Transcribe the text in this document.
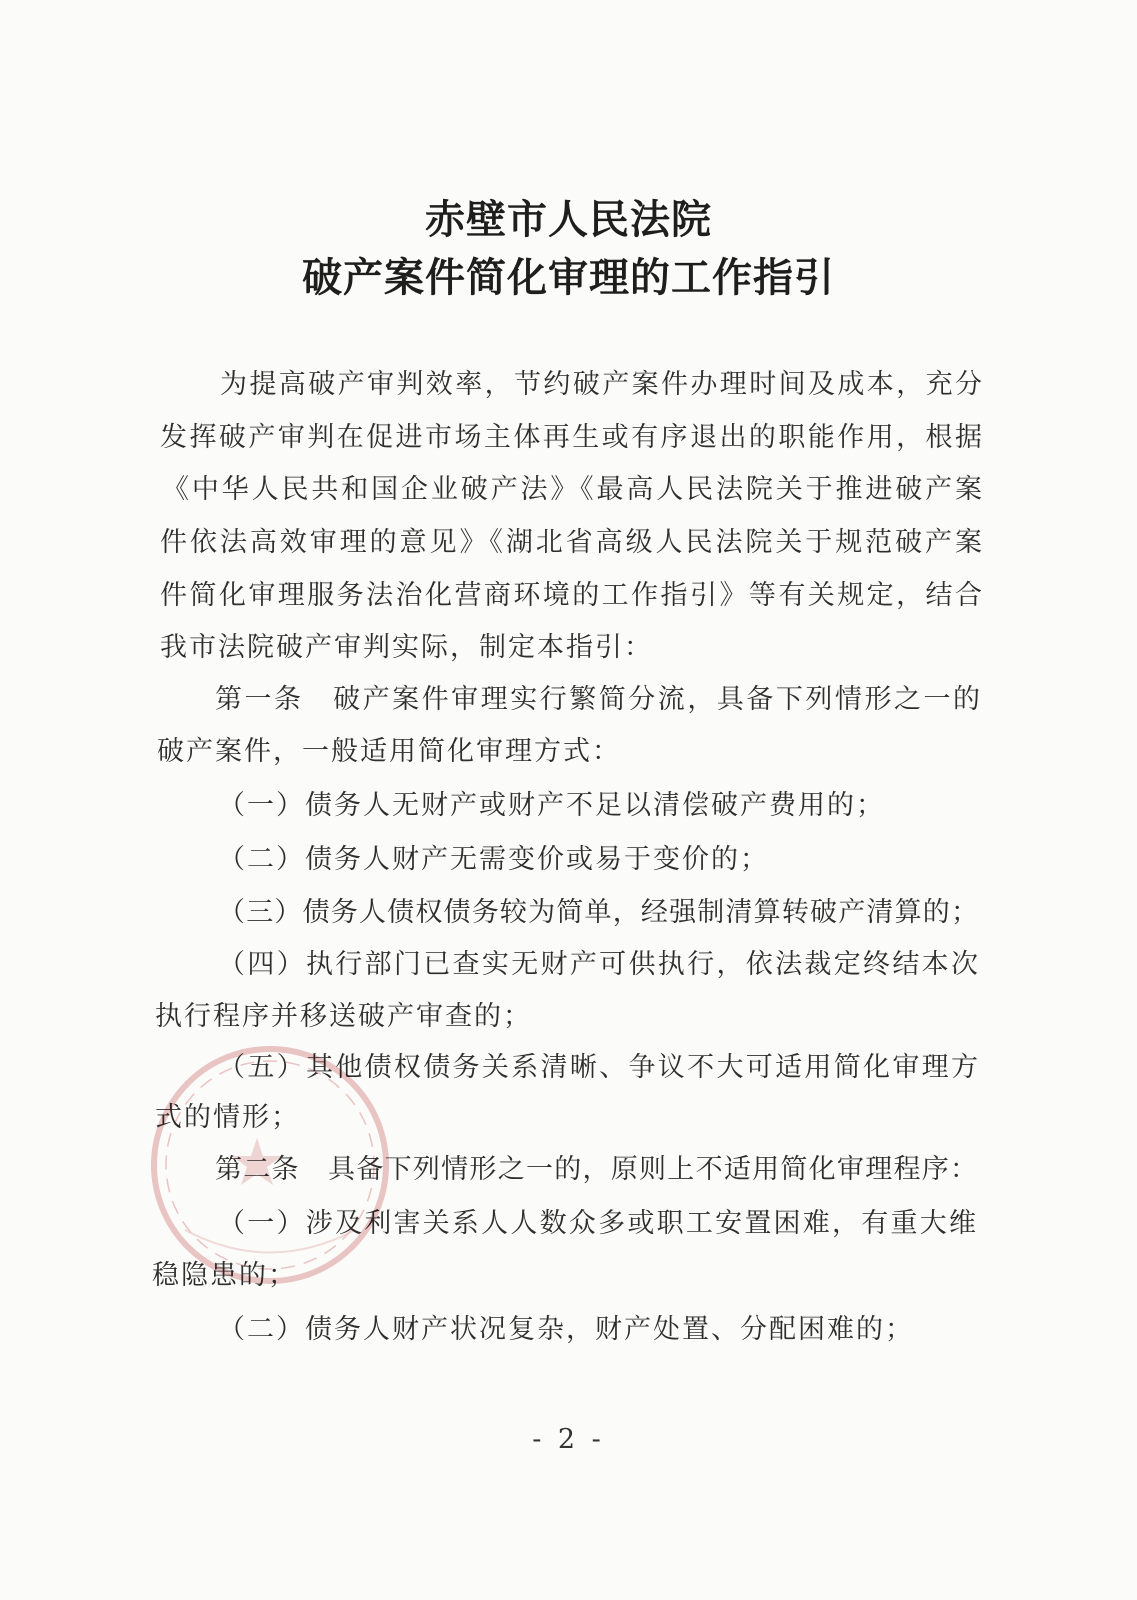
赤壁市人民法院
破产案件简化审理的工作指引
为提高破产审判效率，节约破产案件办理时间及成本，充分
发挥破产审判在促进市场主体再生或有序退出的职能作用，根据
《中华人民共和国企业破产法》《最高人民法院关于推进破产案
件依法高效审理的意见》《湖北省高级人民法院关于规范破产案
件简化审理服务法治化营商环境的工作指引》等有关规定，结合
我市法院破产审判实际，制定本指引：
第一条　破产案件审理实行繁简分流，具备下列情形之一的
破产案件，一般适用简化审理方式：
（一）债务人无财产或财产不足以清偿破产费用的；
（二）债务人财产无需变价或易于变价的；
（三）债务人债权债务较为简单，经强制清算转破产清算的；
（四）执行部门已查实无财产可供执行，依法裁定终结本次
执行程序并移送破产审查的；
（五）其他债权债务关系清晰、争议不大可适用简化审理方
式的情形；
第二条　具备下列情形之一的，原则上不适用简化审理程序：
（一）涉及利害关系人人数众多或职工安置困难，有重大维
稳隐患的；
（二）债务人财产状况复杂，财产处置、分配困难的；
- 2 -
